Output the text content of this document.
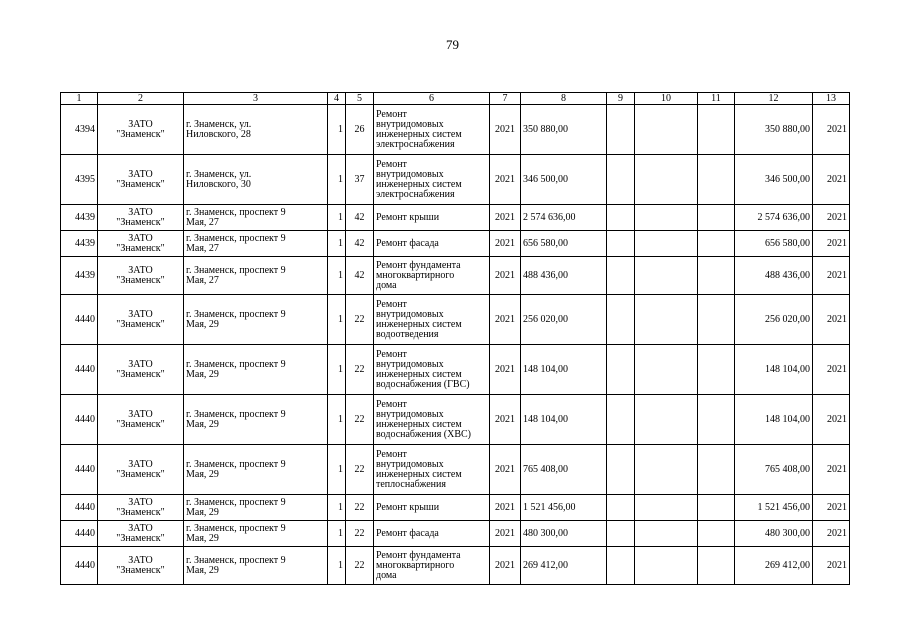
79
1	2	3	4	5	6	7	8	9	10	11	12	13
4394	ЗАТО
"Знаменск"	г. Знаменск, ул.
Ниловского, 28	1	26	Ремонт
внутридомовых
инженерных систем
электроснабжения	2021	350 880,00				350 880,00	2021
4395	ЗАТО
"Знаменск"	г. Знаменск, ул.
Ниловского, 30	1	37	Ремонт
внутридомовых
инженерных систем
электроснабжения	2021	346 500,00				346 500,00	2021
4439	ЗАТО
"Знаменск"	г. Знаменск, проспект 9
Мая, 27	1	42	Ремонт крыши	2021	2 574 636,00				2 574 636,00	2021
4439	ЗАТО
"Знаменск"	г. Знаменск, проспект 9
Мая, 27	1	42	Ремонт фасада	2021	656 580,00				656 580,00	2021
4439	ЗАТО
"Знаменск"	г. Знаменск, проспект 9
Мая, 27	1	42	Ремонт фундамента
многоквартирного
дома	2021	488 436,00				488 436,00	2021
4440	ЗАТО
"Знаменск"	г. Знаменск, проспект 9
Мая, 29	1	22	Ремонт
внутридомовых
инженерных систем
водоотведения	2021	256 020,00				256 020,00	2021
4440	ЗАТО
"Знаменск"	г. Знаменск, проспект 9
Мая, 29	1	22	Ремонт
внутридомовых
инженерных систем
водоснабжения (ГВС)	2021	148 104,00				148 104,00	2021
4440	ЗАТО
"Знаменск"	г. Знаменск, проспект 9
Мая, 29	1	22	Ремонт
внутридомовых
инженерных систем
водоснабжения (ХВС)	2021	148 104,00				148 104,00	2021
4440	ЗАТО
"Знаменск"	г. Знаменск, проспект 9
Мая, 29	1	22	Ремонт
внутридомовых
инженерных систем
теплоснабжения	2021	765 408,00				765 408,00	2021
4440	ЗАТО
"Знаменск"	г. Знаменск, проспект 9
Мая, 29	1	22	Ремонт крыши	2021	1 521 456,00				1 521 456,00	2021
4440	ЗАТО
"Знаменск"	г. Знаменск, проспект 9
Мая, 29	1	22	Ремонт фасада	2021	480 300,00				480 300,00	2021
4440	ЗАТО
"Знаменск"	г. Знаменск, проспект 9
Мая, 29	1	22	Ремонт фундамента
многоквартирного
дома	2021	269 412,00				269 412,00	2021
